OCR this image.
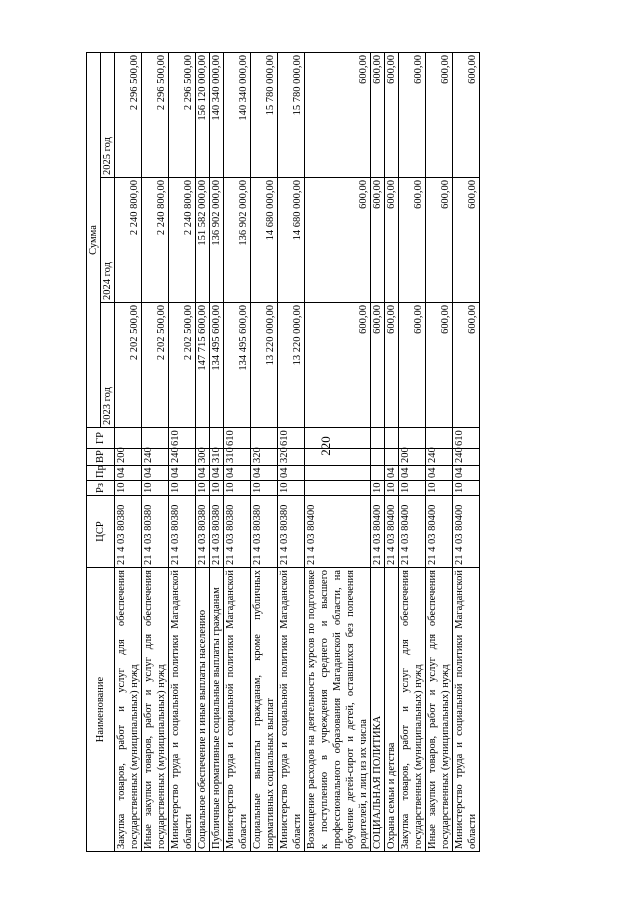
220
Наименование	ЦСР	Рз	Пр	ВР	ГР	Сумма		
						2023 год	2024 год	2025 год
Закупка товаров, работ и услуг для обеспечения государственных (муниципальных) нужд	21 4 03 80380	10	04	200		2 202 500,00	2 240 800,00	2 296 500,00
Иные закупки товаров, работ и услуг для обеспечения государственных (муниципальных) нужд	21 4 03 80380	10	04	240		2 202 500,00	2 240 800,00	2 296 500,00
Министерство труда и социальной политики Магаданской области	21 4 03 80380	10	04	240	610	2 202 500,00	2 240 800,00	2 296 500,00
Социальное обеспечение и иные выплаты населению	21 4 03 80380	10	04	300		147 715 600,00	151 582 000,00	156 120 000,00
Публичные нормативные социальные выплаты гражданам	21 4 03 80380	10	04	310		134 495 600,00	136 902 000,00	140 340 000,00
Министерство труда и социальной политики Магаданской области	21 4 03 80380	10	04	310	610	134 495 600,00	136 902 000,00	140 340 000,00
Социальные выплаты гражданам, кроме публичных нормативных социальных выплат	21 4 03 80380	10	04	320		13 220 000,00	14 680 000,00	15 780 000,00
Министерство труда и социальной политики Магаданской области	21 4 03 80380	10	04	320	610	13 220 000,00	14 680 000,00	15 780 000,00
Возмещение расходов на деятельность курсов по подготовке к поступлению в учреждения среднего и высшего профессионального образования Магаданской области, на обучение детей-сирот и детей, оставшихся без попечения родителей, и лиц из их числа	21 4 03 80400					600,00	600,00	600,00
СОЦИАЛЬНАЯ ПОЛИТИКА	21 4 03 80400	10				600,00	600,00	600,00
Охрана семьи и детства	21 4 03 80400	10	04			600,00	600,00	600,00
Закупка товаров, работ и услуг для обеспечения государственных (муниципальных) нужд	21 4 03 80400	10	04	200		600,00	600,00	600,00
Иные закупки товаров, работ и услуг для обеспечения государственных (муниципальных) нужд	21 4 03 80400	10	04	240		600,00	600,00	600,00
Министерство труда и социальной политики Магаданской области	21 4 03 80400	10	04	240	610	600,00	600,00	600,00
